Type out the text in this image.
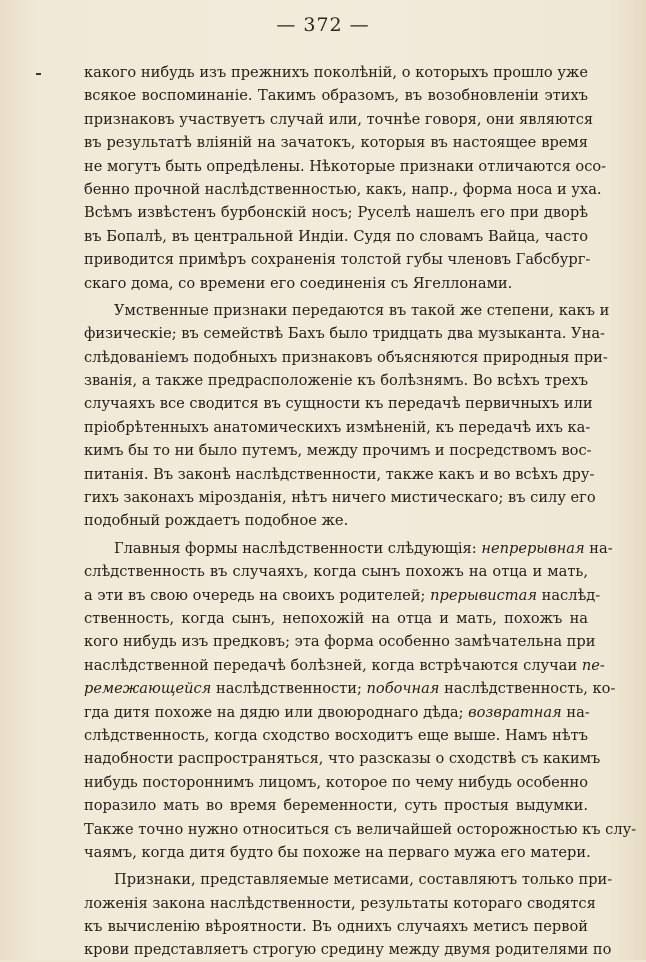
— 372 —
какого нибудь изъ прежнихъ поколѣній, о которыхъ прошло уже
всякое воспоминаніе. Такимъ образомъ, въ возобновленіи этихъ
признаковъ участвуетъ случай или, точнѣе говоря, они являются
въ результатѣ вліяній на зачатокъ, которыя въ настоящее время
не могутъ быть опредѣлены. Нѣкоторые признаки отличаются осо-
бенно прочной наслѣдственностью, какъ, напр., форма носа и уха.
Всѣмъ извѣстенъ бурбонскій носъ; Руселѣ нашелъ его при дворѣ
въ Бопалѣ, въ центральной Индіи. Судя по словамъ Вайца, часто
приводится примѣръ сохраненія толстой губы членовъ Габсбург-
скаго дома, со времени его соединенія съ Ягеллонами.
Умственные признаки передаются въ такой же степени, какъ и
физическіе; въ семействѣ Бахъ было тридцать два музыканта. Уна-
слѣдованіемъ подобныхъ признаковъ объясняются природныя при-
званія, а также предрасположеніе къ болѣзнямъ. Во всѣхъ трехъ
случаяхъ все сводится въ сущности къ передачѣ первичныхъ или
пріобрѣтенныхъ анатомическихъ измѣненій, къ передачѣ ихъ ка-
кимъ бы то ни было путемъ, между прочимъ и посредствомъ вос-
питанія. Въ законѣ наслѣдственности, также какъ и во всѣхъ дру-
гихъ законахъ мірозданія, нѣтъ ничего мистическаго; въ силу его
подобный рождаетъ подобное же.
Главныя формы наслѣдственности слѣдующія: непрерывная на-
слѣдственность въ случаяхъ, когда сынъ похожъ на отца и мать,
а эти въ свою очередь на своихъ родителей; прерывистая наслѣд-
ственность, когда сынъ, непохожій на отца и мать, похожъ на
кого нибудь изъ предковъ; эта форма особенно замѣчательна при
наслѣдственной передачѣ болѣзней, когда встрѣчаются случаи пе-
ремежающейся наслѣдственности; побочная наслѣдственность, ко-
гда дитя похоже на дядю или двоюроднаго дѣда; возвратная на-
слѣдственность, когда сходство восходитъ еще выше. Намъ нѣтъ
надобности распространяться, что разсказы о сходствѣ съ какимъ
нибудь постороннимъ лицомъ, которое по чему нибудь особенно
поразило мать во время беременности, суть простыя выдумки.
Также точно нужно относиться съ величайшей осторожностью къ слу-
чаямъ, когда дитя будто бы похоже на перваго мужа его матери.
Признаки, представляемые метисами, составляютъ только при-
ложенія закона наслѣдственности, результаты котораго сводятся
къ вычисленію вѣроятности. Въ однихъ случаяхъ метисъ первой
крови представляетъ строгую средину между двумя родителями по
